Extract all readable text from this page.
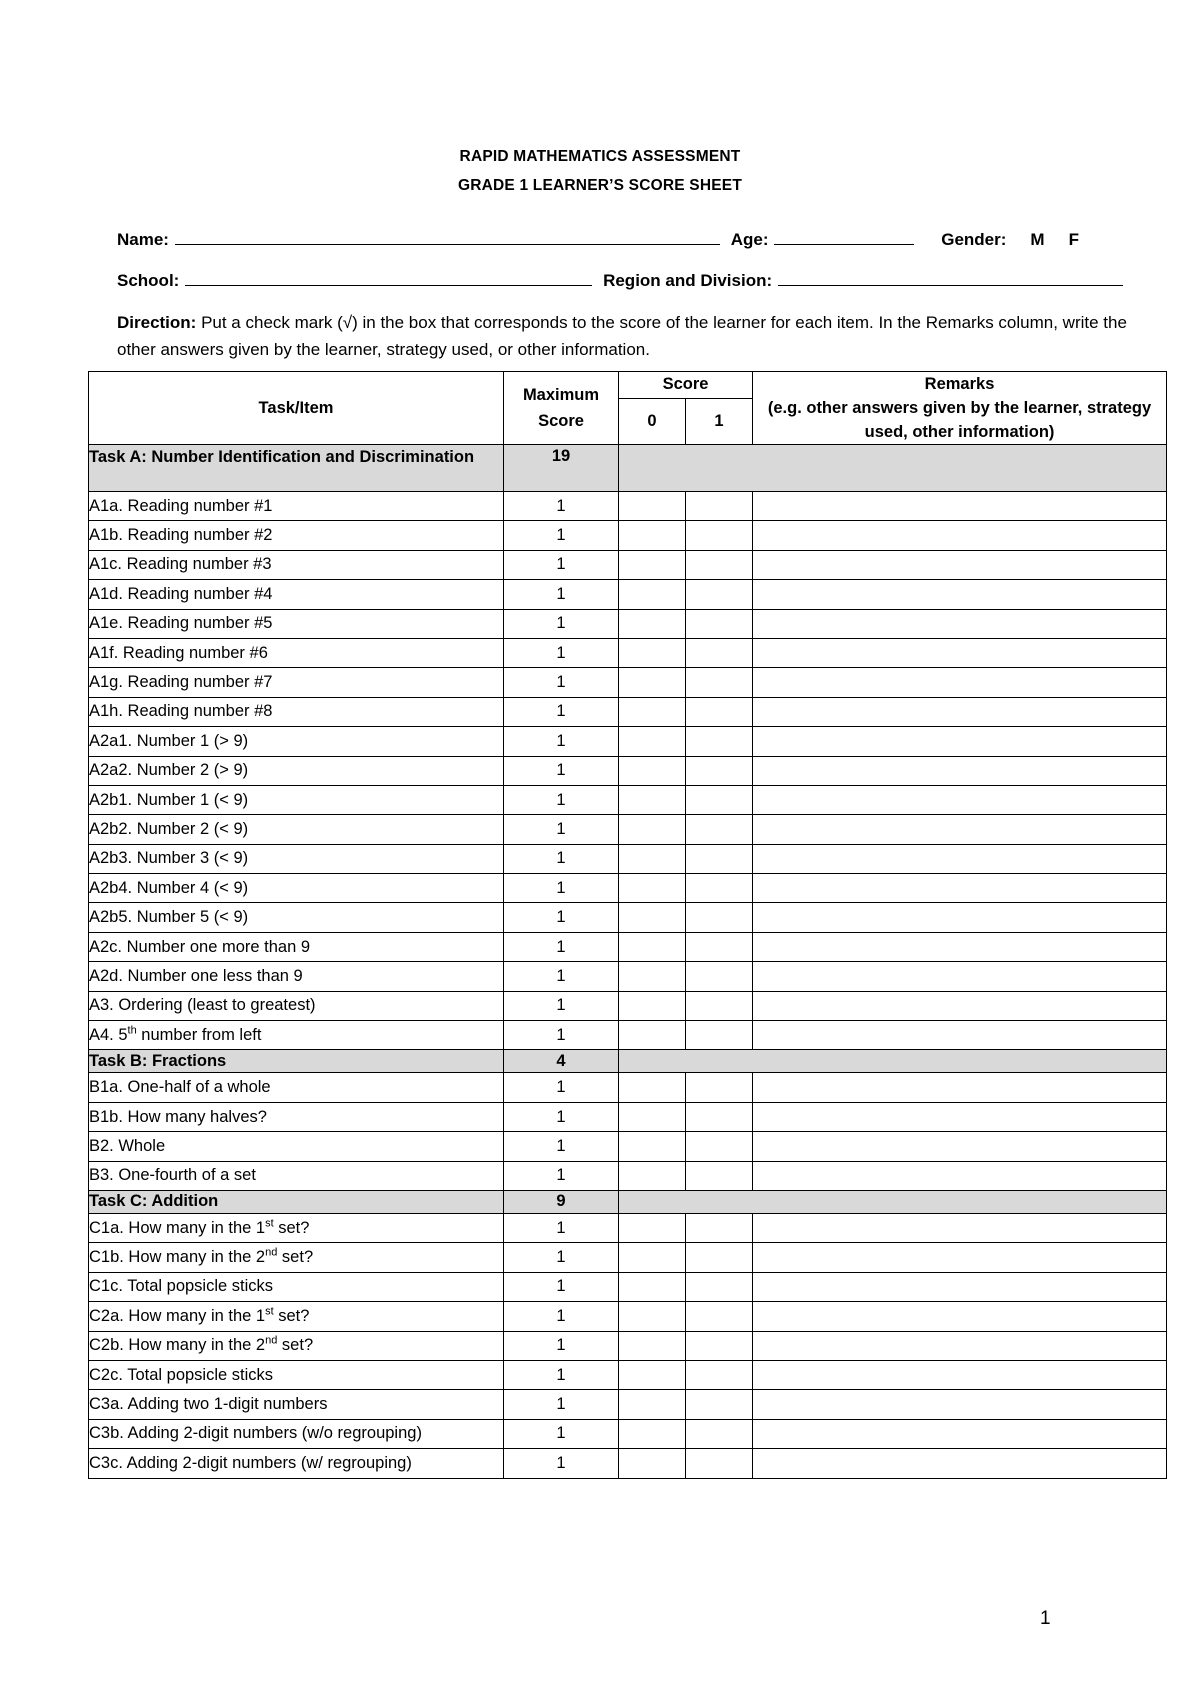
RAPID MATHEMATICS ASSESSMENT
GRADE 1 LEARNER’S SCORE SHEET
Name:	Age:	Gender: M F
School:	Region and Division:
Direction: Put a check mark (√) in the box that corresponds to the score of the learner for each item. In the Remarks column, write the other answers given by the learner, strategy used, or other information.
Task/Item	Maximum Score	Score		Remarks
(e.g. other answers given by the learner, strategy used, other information)
		0	1	
Task A: Number Identification and Discrimination	19			
A1a. Reading number #1	1			
A1b. Reading number #2	1			
A1c. Reading number #3	1			
A1d. Reading number #4	1			
A1e. Reading number #5	1			
A1f. Reading number #6	1			
A1g. Reading number #7	1			
A1h. Reading number #8	1			
A2a1. Number 1 (> 9)	1			
A2a2. Number 2 (> 9)	1			
A2b1. Number 1 (< 9)	1			
A2b2. Number 2 (< 9)	1			
A2b3. Number 3 (< 9)	1			
A2b4. Number 4 (< 9)	1			
A2b5. Number 5 (< 9)	1			
A2c. Number one more than 9	1			
A2d. Number one less than 9	1			
A3. Ordering (least to greatest)	1			
A4. 5th number from left	1			
Task B: Fractions	4			
B1a. One-half of a whole	1			
B1b. How many halves?	1			
B2. Whole	1			
B3. One-fourth of a set	1			
Task C: Addition	9			
C1a. How many in the 1st set?	1			
C1b. How many in the 2nd set?	1			
C1c. Total popsicle sticks	1			
C2a. How many in the 1st set?	1			
C2b. How many in the 2nd set?	1			
C2c. Total popsicle sticks	1			
C3a. Adding two 1-digit numbers	1			
C3b. Adding 2-digit numbers (w/o regrouping)	1			
C3c. Adding 2-digit numbers (w/ regrouping)	1			
1
